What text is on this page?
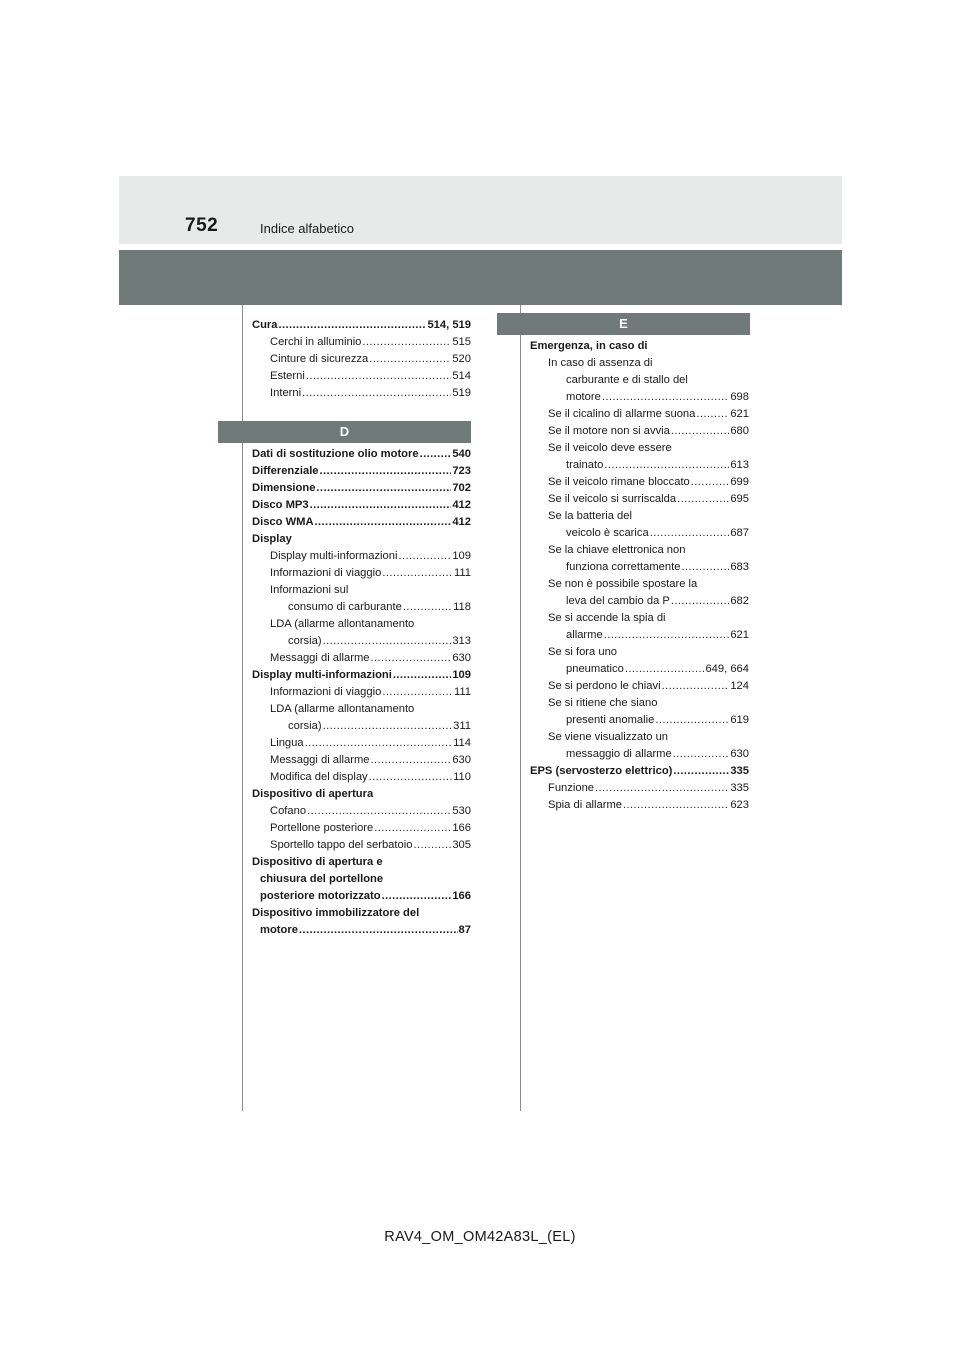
752	Indice alfabetico
Cura .....	514, 519
Cerchi in alluminio .....	515
Cinture di sicurezza .....	520
Esterni .....	514
Interni .....	519
D
Dati di sostituzione olio motore .....	540
Differenziale .....	723
Dimensione .....	702
Disco MP3 .....	412
Disco WMA .....	412
Display
Display multi-informazioni .....	109
Informazioni di viaggio .....	111
Informazioni sul
consumo di carburante .....	118
LDA (allarme allontanamento
corsia) .....	313
Messaggi di allarme .....	630
Display multi-informazioni .....	109
Informazioni di viaggio .....	111
LDA (allarme allontanamento
corsia) .....	311
Lingua .....	114
Messaggi di allarme .....	630
Modifica del display .....	110
Dispositivo di apertura
Cofano .....	530
Portellone posteriore .....	166
Sportello tappo del serbatoio .....	305
Dispositivo di apertura e
chiusura del portellone
posteriore motorizzato .....	166
Dispositivo immobilizzatore del
motore .....	87
E
Emergenza, in caso di
In caso di assenza di
carburante e di stallo del
motore .....	698
Se il cicalino di allarme suona .....	621
Se il motore non si avvia .....	680
Se il veicolo deve essere
trainato .....	613
Se il veicolo rimane bloccato .....	699
Se il veicolo si surriscalda .....	695
Se la batteria del
veicolo è scarica .....	687
Se la chiave elettronica non
funziona correttamente .....	683
Se non è possibile spostare la
leva del cambio da P .....	682
Se si accende la spia di
allarme .....	621
Se si fora uno
pneumatico .....	649, 664
Se si perdono le chiavi .....	124
Se si ritiene che siano
presenti anomalie .....	619
Se viene visualizzato un
messaggio di allarme .....	630
EPS (servosterzo elettrico) .....	335
Funzione .....	335
Spia di allarme .....	623
RAV4_OM_OM42A83L_(EL)
